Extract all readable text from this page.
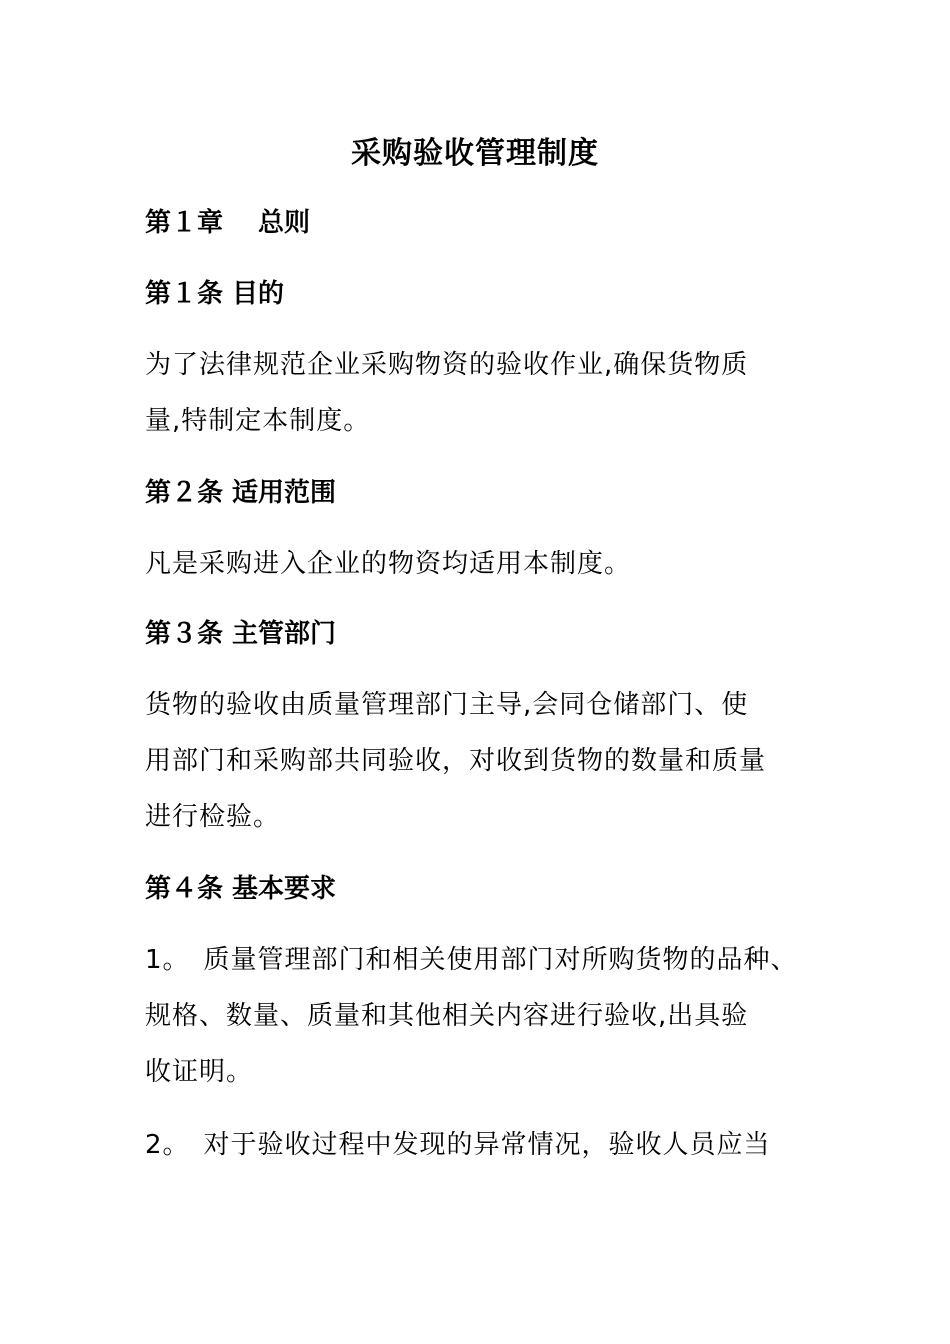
采购验收管理制度
第１章　 总则
第１条 目的
为了法律规范企业采购物资的验收作业,确保货物质
量,特制定本制度。
第２条 适用范围
凡是采购进入企业的物资均适用本制度。
第３条 主管部门
货物的验收由质量管理部门主导,会同仓储部门、使
用部门和采购部共同验收，对收到货物的数量和质量
进行检验。
第４条 基本要求
1。　质量管理部门和相关使用部门对所购货物的品种、
规格、数量、质量和其他相关内容进行验收,出具验
收证明。
2。　对于验收过程中发现的异常情况，验收人员应当
